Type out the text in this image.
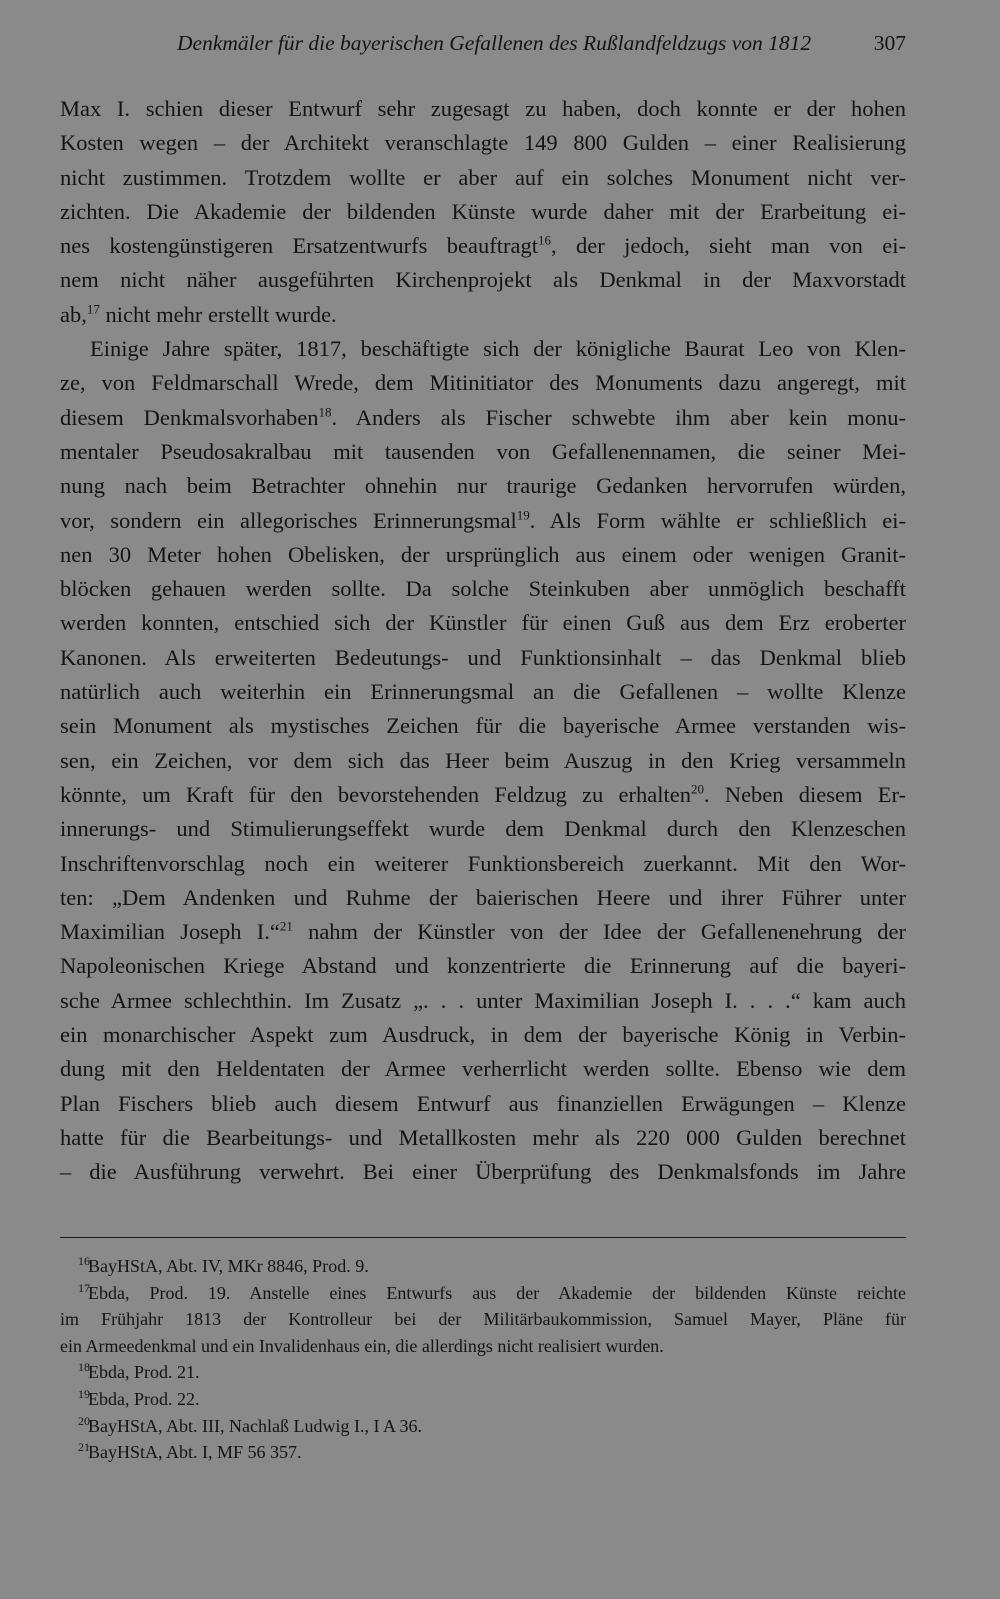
Denkmäler für die bayerischen Gefallenen des Rußlandfeldzugs von 1812	307
Max I. schien dieser Entwurf sehr zugesagt zu haben, doch konnte er der hohen
Kosten wegen – der Architekt veranschlagte 149 800 Gulden – einer Realisierung
nicht zustimmen. Trotzdem wollte er aber auf ein solches Monument nicht ver-
zichten. Die Akademie der bildenden Künste wurde daher mit der Erarbeitung ei-
nes kostengünstigeren Ersatzentwurfs beauftragt$^{16}$, der jedoch, sieht man von ei-
nem nicht näher ausgeführten Kirchenprojekt als Denkmal in der Maxvorstadt
ab,$^{17}$ nicht mehr erstellt wurde.
Einige Jahre später, 1817, beschäftigte sich der königliche Baurat Leo von Klen-
ze, von Feldmarschall Wrede, dem Mitinitiator des Monuments dazu angeregt, mit
diesem Denkmalsvorhaben$^{18}$. Anders als Fischer schwebte ihm aber kein monu-
mentaler Pseudosakralbau mit tausenden von Gefallenennamen, die seiner Mei-
nung nach beim Betrachter ohnehin nur traurige Gedanken hervorrufen würden,
vor, sondern ein allegorisches Erinnerungsmal$^{19}$. Als Form wählte er schließlich ei-
nen 30 Meter hohen Obelisken, der ursprünglich aus einem oder wenigen Granit-
blöcken gehauen werden sollte. Da solche Steinkuben aber unmöglich beschafft
werden konnten, entschied sich der Künstler für einen Guß aus dem Erz eroberter
Kanonen. Als erweiterten Bedeutungs- und Funktionsinhalt – das Denkmal blieb
natürlich auch weiterhin ein Erinnerungsmal an die Gefallenen – wollte Klenze
sein Monument als mystisches Zeichen für die bayerische Armee verstanden wis-
sen, ein Zeichen, vor dem sich das Heer beim Auszug in den Krieg versammeln
könnte, um Kraft für den bevorstehenden Feldzug zu erhalten$^{20}$. Neben diesem Er-
innerungs- und Stimulierungseffekt wurde dem Denkmal durch den Klenzeschen
Inschriftenvorschlag noch ein weiterer Funktionsbereich zuerkannt. Mit den Wor-
ten: „Dem Andenken und Ruhme der baierischen Heere und ihrer Führer unter
Maximilian Joseph I.“$^{21}$ nahm der Künstler von der Idee der Gefallenenehrung der
Napoleonischen Kriege Abstand und konzentrierte die Erinnerung auf die bayeri-
sche Armee schlechthin. Im Zusatz „. . . unter Maximilian Joseph I. . . .“ kam auch
ein monarchischer Aspekt zum Ausdruck, in dem der bayerische König in Verbin-
dung mit den Heldentaten der Armee verherrlicht werden sollte. Ebenso wie dem
Plan Fischers blieb auch diesem Entwurf aus finanziellen Erwägungen – Klenze
hatte für die Bearbeitungs- und Metallkosten mehr als 220 000 Gulden berechnet
– die Ausführung verwehrt. Bei einer Überprüfung des Denkmalsfonds im Jahre
16BayHStA, Abt. IV, MKr 8846, Prod. 9.
17Ebda, Prod. 19. Anstelle eines Entwurfs aus der Akademie der bildenden Künste reichte
im Frühjahr 1813 der Kontrolleur bei der Militärbaukommission, Samuel Mayer, Pläne für
ein Armeedenkmal und ein Invalidenhaus ein, die allerdings nicht realisiert wurden.
18Ebda, Prod. 21.
19Ebda, Prod. 22.
20BayHStA, Abt. III, Nachlaß Ludwig I., I A 36.
21BayHStA, Abt. I, MF 56 357.
